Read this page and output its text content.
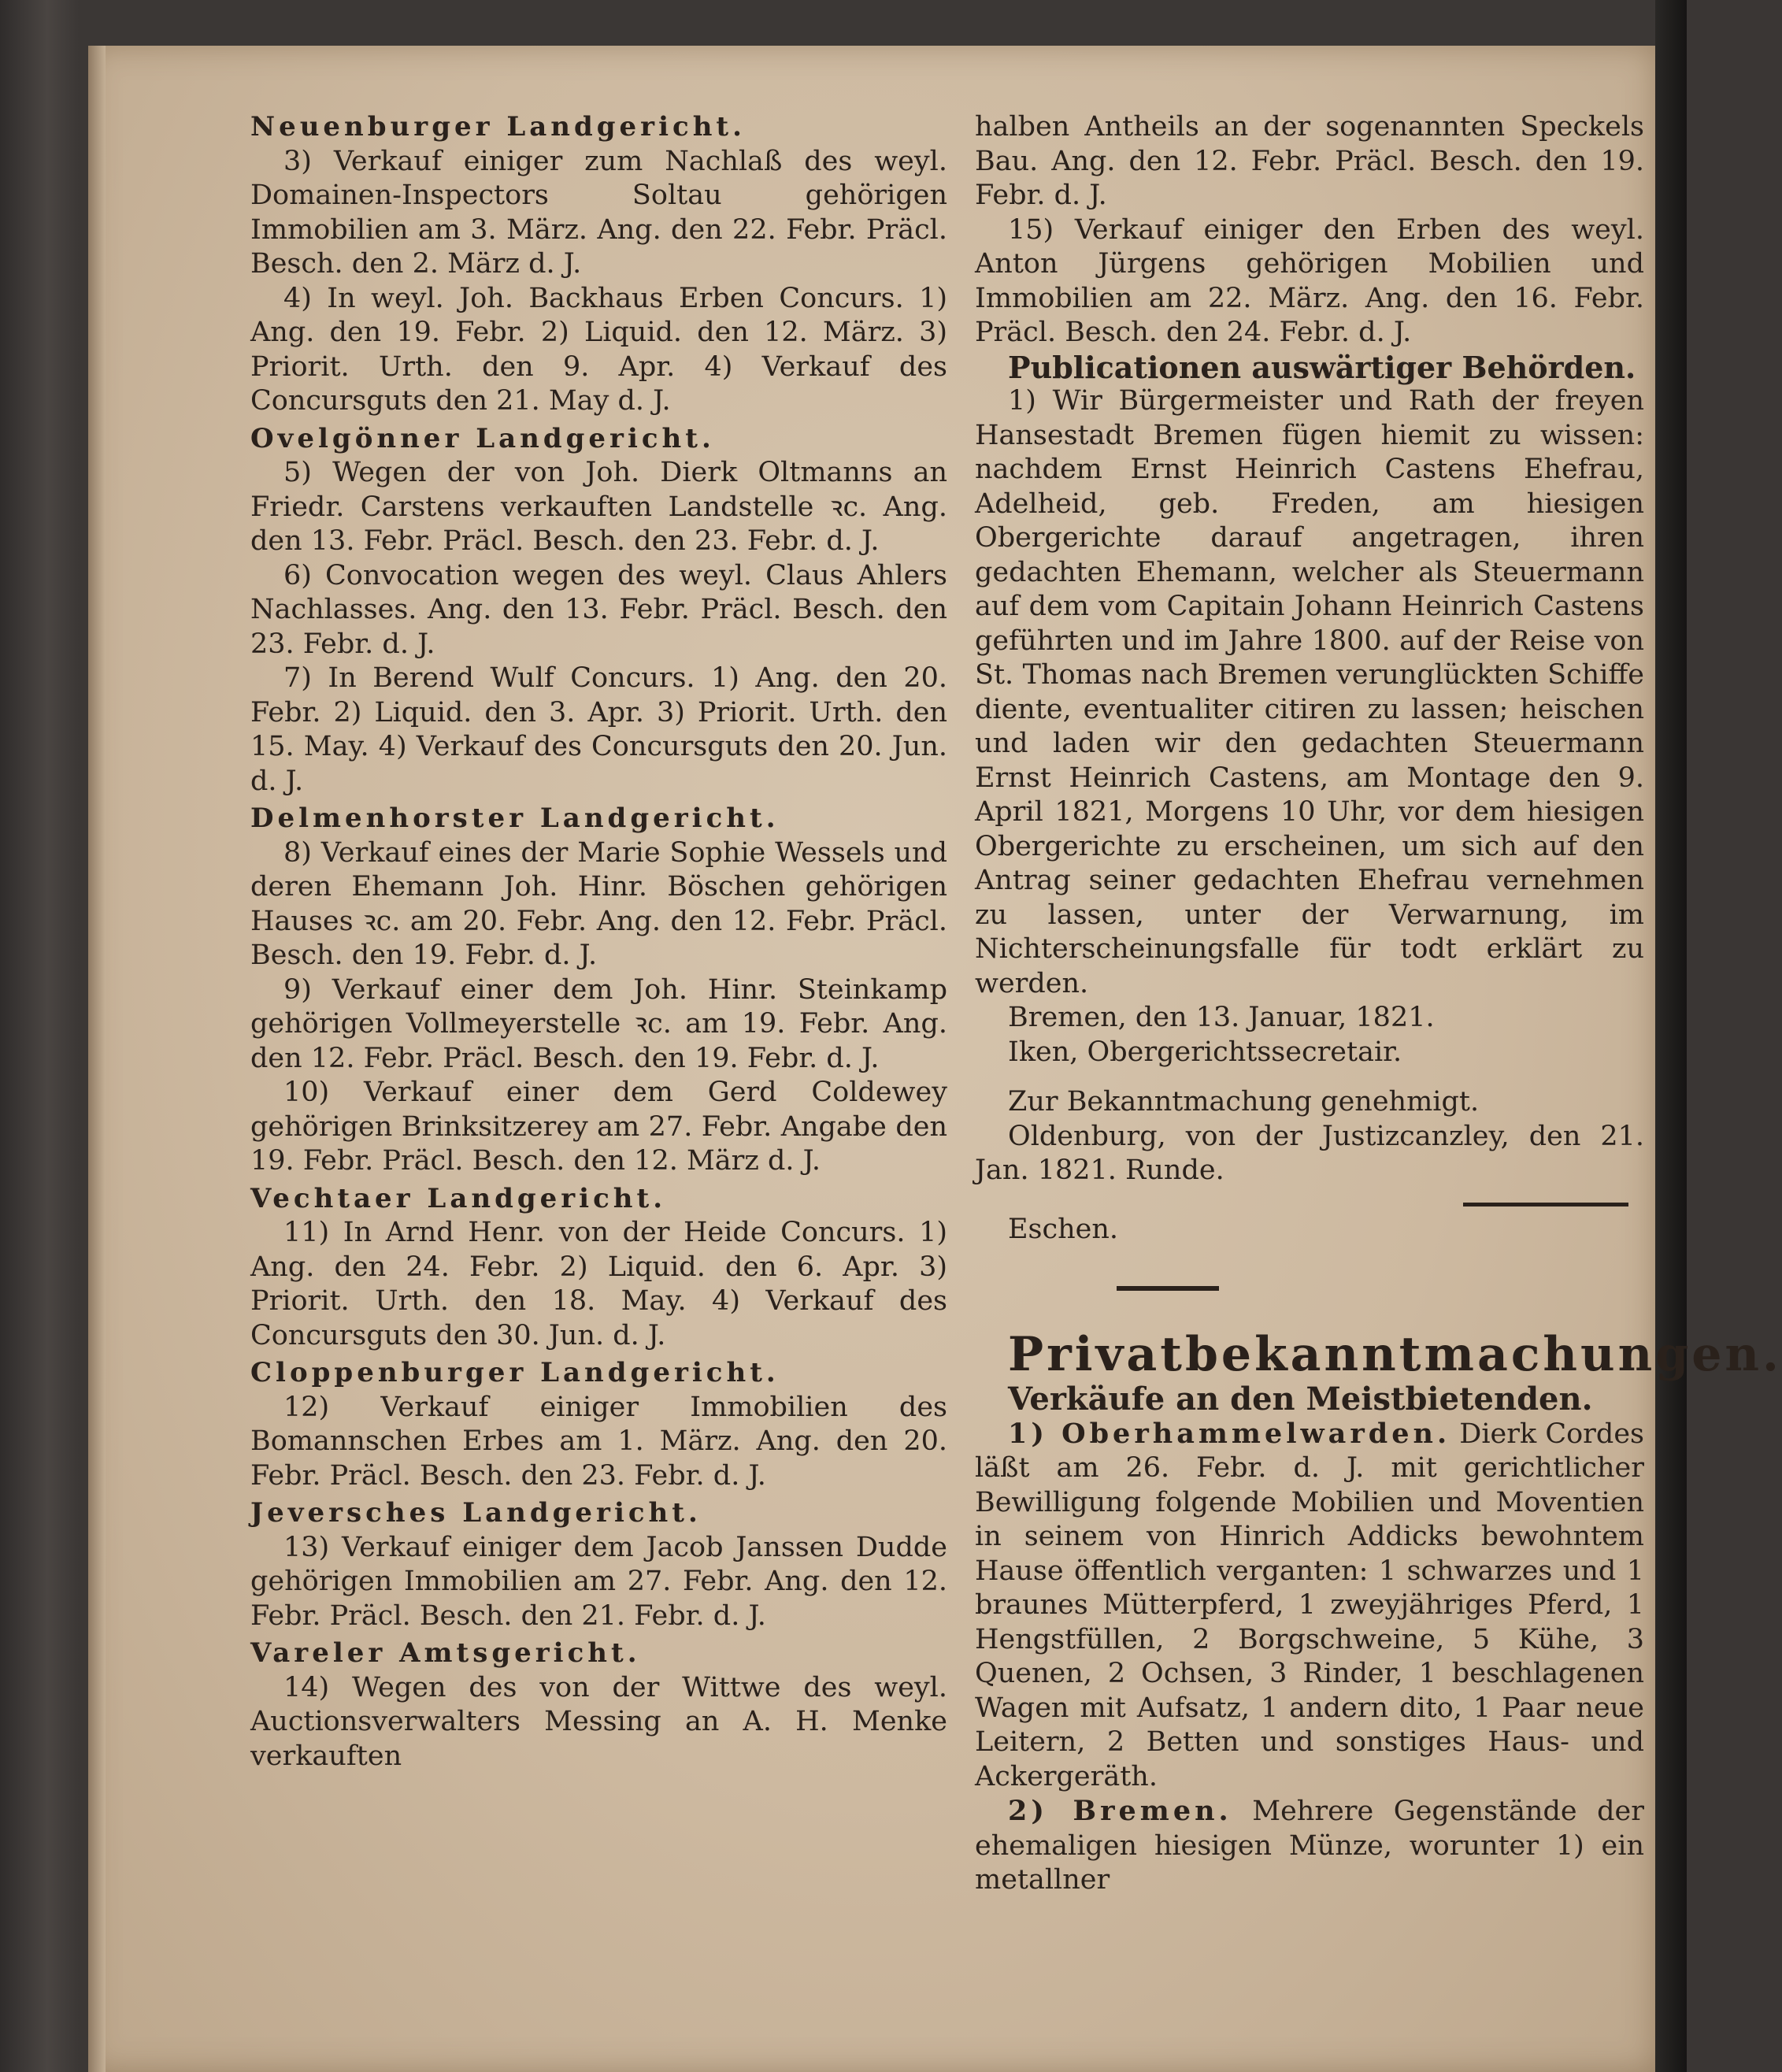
Neuenburger Landgericht.

3) Verkauf einiger zum Nachlaß des weyl. Domainen-Inspectors Soltau gehörigen Immobilien am 3. März. Ang. den 22. Febr. Präcl. Besch. den 2. März d. J.

4) In weyl. Joh. Backhaus Erben Concurs. 1) Ang. den 19. Febr. 2) Liquid. den 12. März. 3) Priorit. Urth. den 9. Apr. 4) Verkauf des Concursguts den 21. May d. J.

Ovelgönner Landgericht.

5) Wegen der von Joh. Dierk Oltmanns an Friedr. Carstens verkauften Landstelle ꝛc. Ang. den 13. Febr. Präcl. Besch. den 23. Febr. d. J.

6) Convocation wegen des weyl. Claus Ahlers Nachlasses. Ang. den 13. Febr. Präcl. Besch. den 23. Febr. d. J.

7) In Berend Wulf Concurs. 1) Ang. den 20. Febr. 2) Liquid. den 3. Apr. 3) Priorit. Urth. den 15. May. 4) Verkauf des Concursguts den 20. Jun. d. J.

Delmenhorster Landgericht.

8) Verkauf eines der Marie Sophie Wessels und deren Ehemann Joh. Hinr. Böschen gehörigen Hauses ꝛc. am 20. Febr. Ang. den 12. Febr. Präcl. Besch. den 19. Febr. d. J.

9) Verkauf einer dem Joh. Hinr. Steinkamp gehörigen Vollmeyerstelle ꝛc. am 19. Febr. Ang. den 12. Febr. Präcl. Besch. den 19. Febr. d. J.

10) Verkauf einer dem Gerd Coldewey gehörigen Brinksitzerey am 27. Febr. Angabe den 19. Febr. Präcl. Besch. den 12. März d. J.

Vechtaer Landgericht.

11) In Arnd Henr. von der Heide Concurs. 1) Ang. den 24. Febr. 2) Liquid. den 6. Apr. 3) Priorit. Urth. den 18. May. 4) Verkauf des Concursguts den 30. Jun. d. J.

Cloppenburger Landgericht.

12) Verkauf einiger Immobilien des Bomannschen Erbes am 1. März. Ang. den 20. Febr. Präcl. Besch. den 23. Febr. d. J.

Jeversches Landgericht.

13) Verkauf einiger dem Jacob Janssen Dudde gehörigen Immobilien am 27. Febr. Ang. den 12. Febr. Präcl. Besch. den 21. Febr. d. J.

Vareler Amtsgericht.

14) Wegen des von der Wittwe des weyl. Auctionsverwalters Messing an A. H. Menke verkauften

halben Antheils an der sogenannten Speckels Bau. Ang. den 12. Febr. Präcl. Besch. den 19. Febr. d. J.

15) Verkauf einiger den Erben des weyl. Anton Jürgens gehörigen Mobilien und Immobilien am 22. März. Ang. den 16. Febr. Präcl. Besch. den 24. Febr. d. J.

Publicationen auswärtiger Behörden.

1) Wir Bürgermeister und Rath der freyen Hansestadt Bremen fügen hiemit zu wissen: nachdem Ernst Heinrich Castens Ehefrau, Adelheid, geb. Freden, am hiesigen Obergerichte darauf angetragen, ihren gedachten Ehemann, welcher als Steuermann auf dem vom Capitain Johann Heinrich Castens geführten und im Jahre 1800. auf der Reise von St. Thomas nach Bremen verunglückten Schiffe diente, eventualiter citiren zu lassen; heischen und laden wir den gedachten Steuermann Ernst Heinrich Castens, am Montage den 9. April 1821, Morgens 10 Uhr, vor dem hiesigen Obergerichte zu erscheinen, um sich auf den Antrag seiner gedachten Ehefrau vernehmen zu lassen, unter der Verwarnung, im Nichterscheinungsfalle für todt erklärt zu werden.

Bremen, den 13. Januar, 1821.

Iken, Obergerichtssecretair.

Zur Bekanntmachung genehmigt.

Oldenburg, von der Justizcanzley, den 21. Jan. 1821. Runde.

Eschen.

Privatbekanntmachungen.

Verkäufe an den Meistbietenden.

1) Oberhammelwarden. Dierk Cordes läßt am 26. Febr. d. J. mit gerichtlicher Bewilligung folgende Mobilien und Moventien in seinem von Hinrich Addicks bewohntem Hause öffentlich verganten: 1 schwarzes und 1 braunes Mütterpferd, 1 zweyjähriges Pferd, 1 Hengstfüllen, 2 Borgschweine, 5 Kühe, 3 Quenen, 2 Ochsen, 3 Rinder, 1 beschlagenen Wagen mit Aufsatz, 1 andern dito, 1 Paar neue Leitern, 2 Betten und sonstiges Haus- und Ackergeräth.

2) Bremen. Mehrere Gegenstände der ehemaligen hiesigen Münze, worunter 1) ein metallner
